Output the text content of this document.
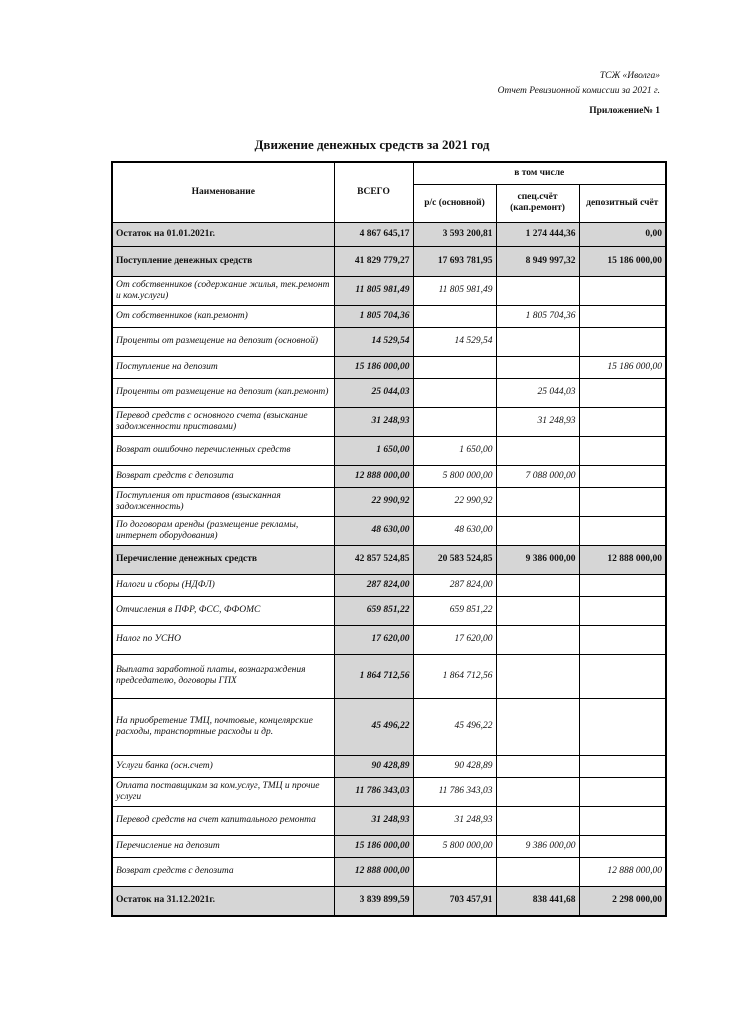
ТСЖ «Иволга»
Отчет Ревизионной комиссии за 2021 г.
Приложение№ 1
Движение денежных средств за 2021 год
Наименование	ВСЕГО	в том числе		
		р/с (основной)	спец.счёт (кап.ремонт)	депозитный счёт
Остаток на 01.01.2021г.	4 867 645,17	3 593 200,81	1 274 444,36	0,00
Поступление денежных средств	41 829 779,27	17 693 781,95	8 949 997,32	15 186 000,00
От собственников (содержание жилья, тек.ремонт и ком.услуги)	11 805 981,49	11 805 981,49		
От собственников (кап.ремонт)	1 805 704,36		1 805 704,36	
Проценты от размещение на депозит (основной)	14 529,54	14 529,54		
Поступление на депозит	15 186 000,00			15 186 000,00
Проценты от размещение на депозит (кап.ремонт)	25 044,03		25 044,03	
Перевод средств с основного счета (взыскание задолженности приставами)	31 248,93		31 248,93	
Возврат ошибочно перечисленных средств	1 650,00	1 650,00		
Возврат средств с депозита	12 888 000,00	5 800 000,00	7 088 000,00	
Поступления от приставов (взысканная задолженность)	22 990,92	22 990,92		
По договорам аренды (размещение рекламы, интернет оборудования)	48 630,00	48 630,00		
Перечисление денежных средств	42 857 524,85	20 583 524,85	9 386 000,00	12 888 000,00
Налоги и сборы (НДФЛ)	287 824,00	287 824,00		
Отчисления в ПФР, ФСС, ФФОМС	659 851,22	659 851,22		
Налог по УСНО	17 620,00	17 620,00		
Выплата заработной платы, вознаграждения председателю, договоры ГПХ	1 864 712,56	1 864 712,56		
На приобретение ТМЦ, почтовые, концелярские расходы, транспортные расходы и др.	45 496,22	45 496,22		
Услуги банка (осн.счет)	90 428,89	90 428,89		
Оплата поставщикам за ком.услуг, ТМЦ и прочие услуги	11 786 343,03	11 786 343,03		
Перевод средств на счет капитального ремонта	31 248,93	31 248,93		
Перечисление на депозит	15 186 000,00	5 800 000,00	9 386 000,00	
Возврат средств с депозита	12 888 000,00			12 888 000,00
Остаток на 31.12.2021г.	3 839 899,59	703 457,91	838 441,68	2 298 000,00
